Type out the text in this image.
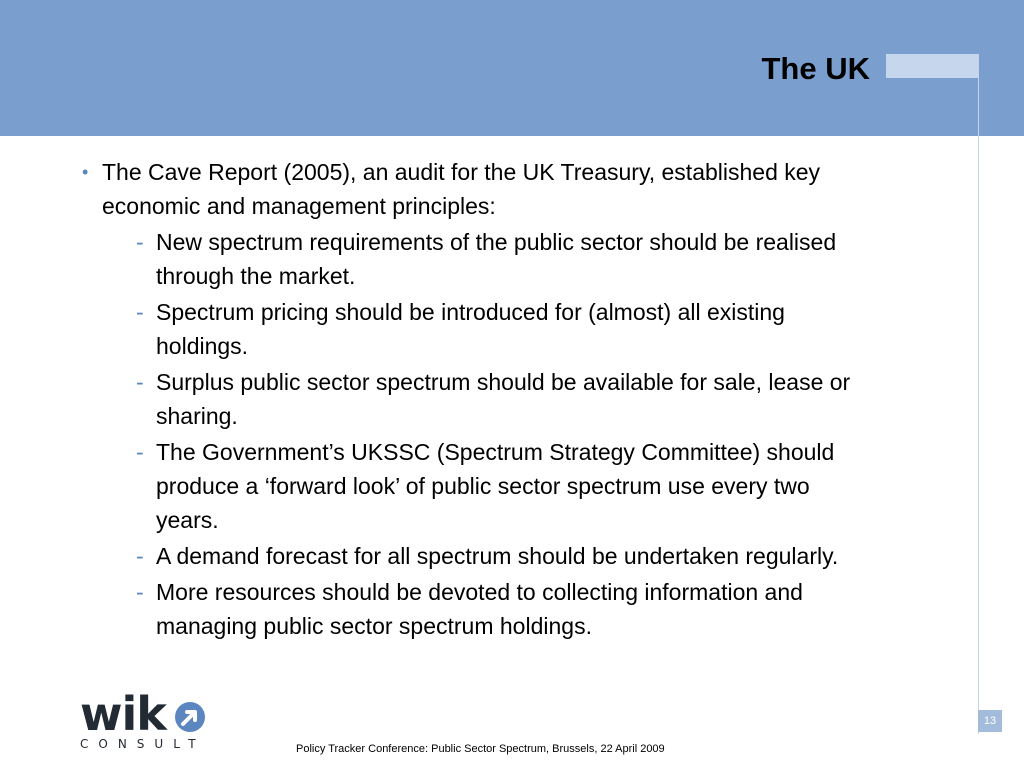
The UK
• The Cave Report (2005), an audit for the UK Treasury, established key economic and management principles:
- New spectrum requirements of the public sector should be realised through the market.
- Spectrum pricing should be introduced for (almost) all existing holdings.
- Surplus public sector spectrum should be available for sale, lease or sharing.
- The Government’s UKSSC (Spectrum Strategy Committee) should produce a ‘forward look’ of public sector spectrum use every two years.
- A demand forecast for all spectrum should be undertaken regularly.
- More resources should be devoted to collecting information and managing public sector spectrum holdings.
wik
CONSULT	Policy Tracker Conference: Public Sector Spectrum, Brussels, 22 April 2009
13
